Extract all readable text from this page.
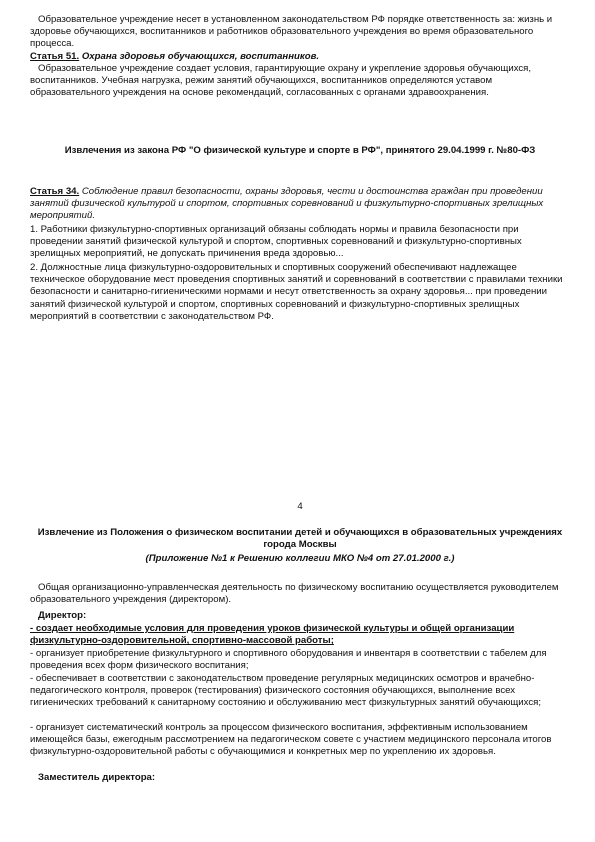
Образовательное учреждение несет в установленном законодательством РФ порядке ответственность за: жизнь и здоровье обучающихся, воспитанников и работников образовательного учреждения во время образовательного процесса.

Статья 51. Охрана здоровья обучающихся, воспитанников.

Образовательное учреждение создает условия, гарантирующие охрану и укрепление здоровья обучающихся, воспитанников. Учебная нагрузка, режим занятий обучающихся, воспитанников определяются уставом образовательного учреждения на основе рекомендаций, согласованных с органами здравоохранения.

Извлечения из закона РФ "О физической культуре и спорте в РФ", принятого 29.04.1999 г. №80-ФЗ

Статья 34. Соблюдение правил безопасности, охраны здоровья, чести и достоинства граждан при проведении занятий физической культурой и спортом, спортивных соревнований и физкультурно-спортивных зрелищных мероприятий.

1. Работники физкультурно-спортивных организаций обязаны соблюдать нормы и правила безопасности при проведении занятий физической культурой и спортом, спортивных соревнований и физкультурно-спортивных зрелищных мероприятий, не допускать причинения вреда здоровью...

2. Должностные лица физкультурно-оздоровительных и спортивных сооружений обеспечивают надлежащее техническое оборудование мест проведения спортивных занятий и соревнований в соответствии с правилами техники безопасности и санитарно-гигиеническими нормами и несут ответственность за охрану здоровья... при проведении занятий физической культурой и спортом, спортивных соревнований и физкультурно-спортивных зрелищных мероприятий в соответствии с законодательством РФ.

4

Извлечение из Положения о физическом воспитании детей и обучающихся в образовательных учреждениях города Москвы

(Приложение №1 к Решению коллегии МКО №4 от 27.01.2000 г.)

Общая организационно-управленческая деятельность по физическому воспитанию осуществляется руководителем образовательного учреждения (директором).

Директор:

- создает необходимые условия для проведения уроков физической культуры и общей организации физкультурно-оздоровительной, спортивно-массовой работы;

- организует приобретение физкультурного и спортивного оборудования и инвентаря в соответствии с табелем для проведения всех форм физического воспитания;

- обеспечивает в соответствии с законодательством проведение регулярных медицинских осмотров и врачебно-педагогического контроля, проверок (тестирования) физического состояния обучающихся, выполнение всех гигиенических требований к санитарному состоянию и обслуживанию мест физкультурных занятий обучающихся;

- организует систематический контроль за процессом физического воспитания, эффективным использованием имеющейся базы, ежегодным рассмотрением на педагогическом совете с участием медицинского персонала итогов физкультурно-оздоровительной работы с обучающимися и конкретных мер по укреплению их здоровья.

Заместитель директора:
